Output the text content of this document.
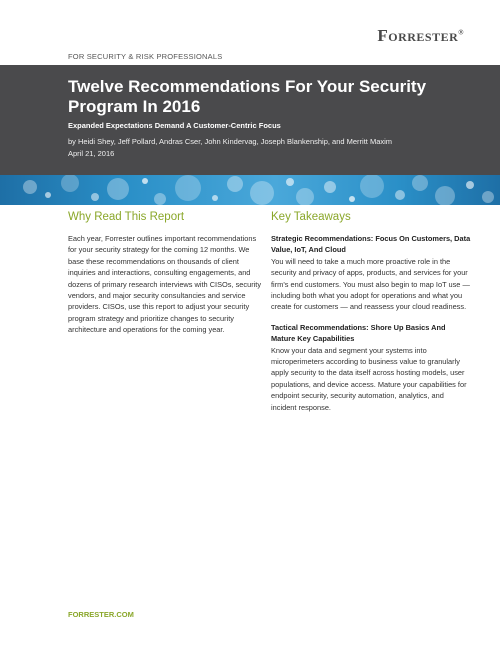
Forrester®
FOR SECURITY & RISK PROFESSIONALS
Twelve Recommendations For Your Security Program In 2016
Expanded Expectations Demand A Customer-Centric Focus
by Heidi Shey, Jeff Pollard, Andras Cser, John Kindervag, Joseph Blankenship, and Merritt Maxim
April 21, 2016
Why Read This Report

Each year, Forrester outlines important recommendations for your security strategy for the coming 12 months. We base these recommendations on thousands of client inquiries and interactions, consulting engagements, and dozens of primary research interviews with CISOs, security vendors, and major security consultancies and service providers. CISOs, use this report to adjust your security program strategy and prioritize changes to security architecture and operations for the coming year.

Key Takeaways
Strategic Recommendations: Focus On Customers, Data Value, IoT, And Cloud

You will need to take a much more proactive role in the security and privacy of apps, products, and services for your firm's end customers. You must also begin to map IoT use — including both what you adopt for operations and what you create for customers — and reassess your cloud readiness.

Tactical Recommendations: Shore Up Basics And Mature Key Capabilities

Know your data and segment your systems into microperimeters according to business value to granularly apply security to the data itself across hosting models, user populations, and device access. Mature your capabilities for endpoint security, security automation, analytics, and incident response.

FORRESTER.COM
